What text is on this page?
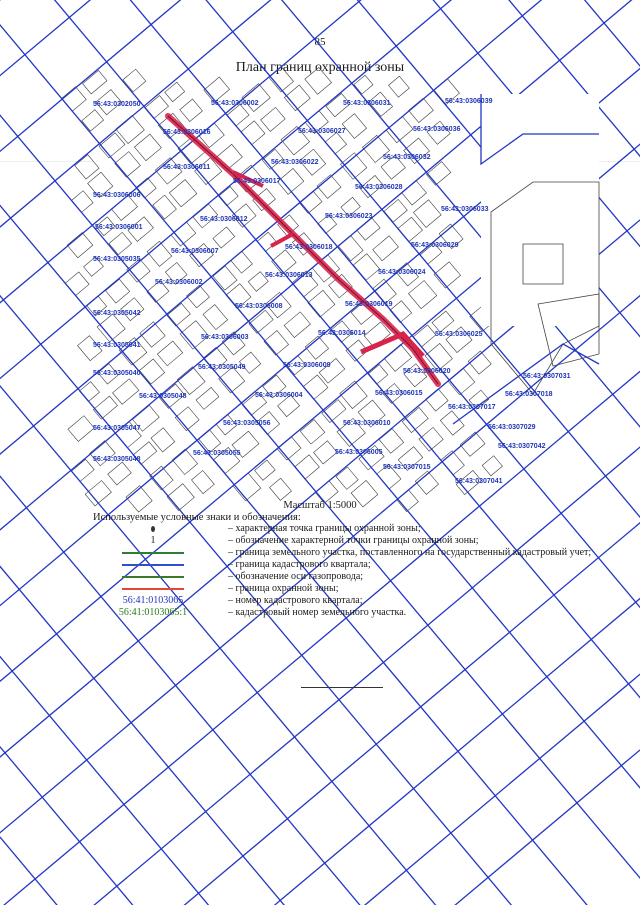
85
План границ охранной зоны
56:43:0302050	56:43:0306002	56:43:0306031	56:43:0306039
56:43:0306016	56:43:0306027	56:43:0306036
56:43:0306011
56:43:0306022
56:43:0306032
56:43:0306017
56:43:0306006
56:43:0306028
56:43:0306033
56:43:0306012	56:43:0306023
56:43:0306001
56:43:0306007
56:43:0306018	56:43:0306029
56:43:0305035
56:43:0306013	56:43:0306024
56:43:0306002
56:43:0305042
56:43:0306008	56:43:0306019
56:43:0306003
56:43:0306014	56:43:0306025
56:43:0305041
56:43:0306009
56:43:0306020
56:43:0305040
56:43:0305049
56:43:0307031
56:43:0305048	56:43:0306004	56:43:0306015	56:43:0307018
56:43:0307017
56:43:0305047
56:43:0305056	56:43:0306010
56:43:0307029
56:43:0307042
56:43:0305048
56:43:0305055	56:43:0306005
56:43:0307015
56:43:0307041
Масштаб 1:5000
Используемые условные знаки и обозначения:
– характерная точка границы охранной зоны;
1	– обозначение характерной точки границы охранной зоны;
– граница земельного участка, поставленного на государственный кадастровый учет;
– граница кадастрового квартала;
– обозначение оси газопровода;
– граница охранной зоны;
56:41:0103065	– номер кадастрового квартала;
56:41:0103065:1	– кадастровый номер земельного участка.
